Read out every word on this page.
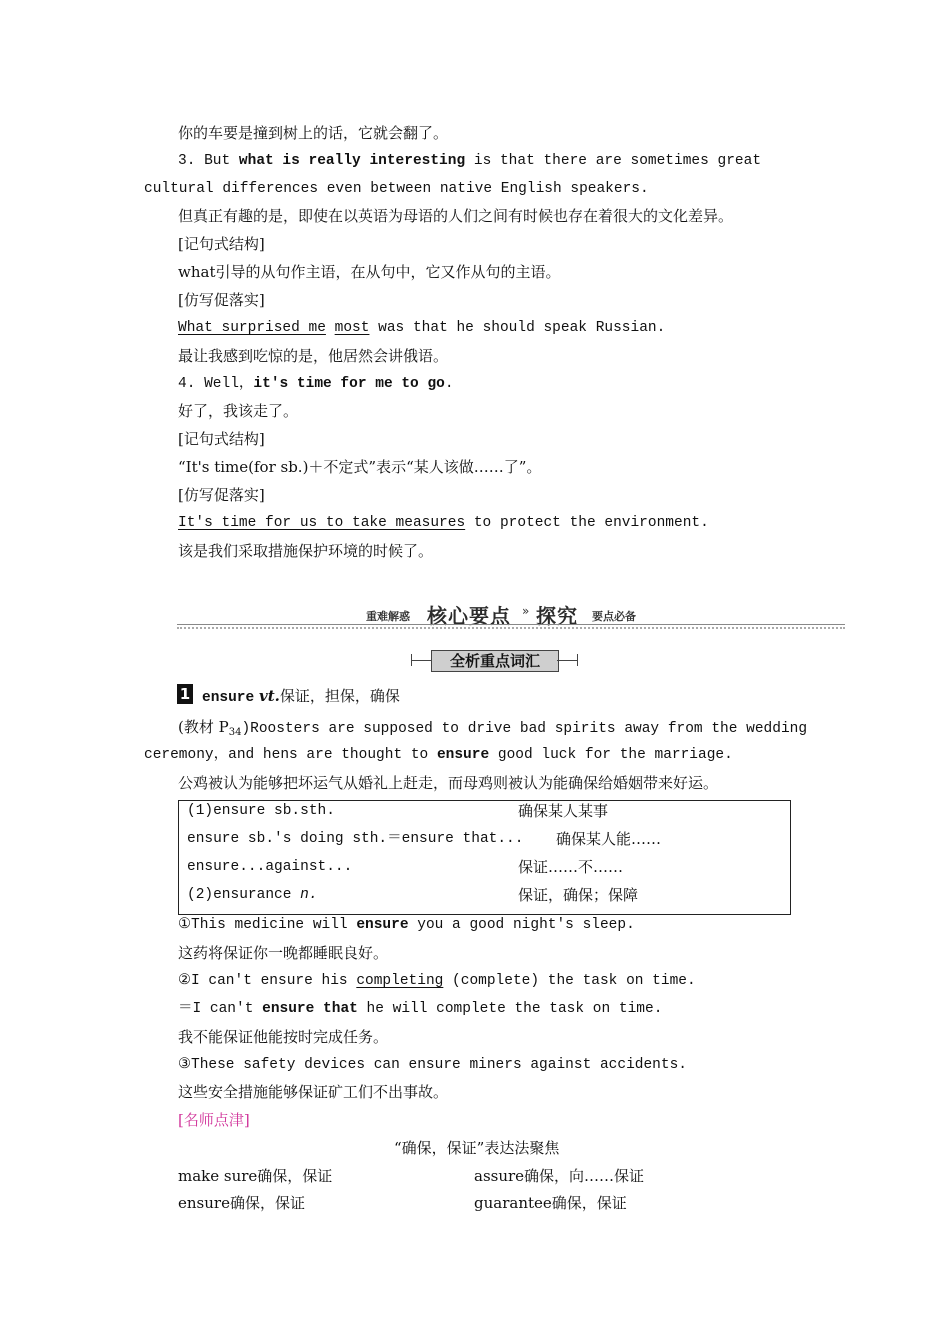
你的车要是撞到树上的话，它就会翻了。
3. But what is really interesting is that there are sometimes great
cultural differences even between native English speakers.
但真正有趣的是，即使在以英语为母语的人们之间有时候也存在着很大的文化差异。
[记句式结构]
what引导的从句作主语，在从句中，它又作从句的主语。
[仿写促落实]
What surprised me most was that he should speak Russian.
最让我感到吃惊的是，他居然会讲俄语。
4. Well，it's time for me to go.
好了，我该走了。
[记句式结构]
“It's time(for sb.)＋不定式”表示“某人该做……了”。
[仿写促落实]
It's time for us to take measures to protect the environment.
该是我们采取措施保护环境的时候了。
重难解惑 核心要点 » 探究 要点必备
全析重点词汇
1 ensure vt.保证，担保，确保
(教材 $P_{34})Roosters$ are supposed to drive bad spirits away from the wedding
ceremony，and hens are thought to ensure good luck for the marriage.
公鸡被认为能够把坏运气从婚礼上赶走，而母鸡则被认为能确保给婚姻带来好运。
(1)ensure sb.sth.	确保某人某事
ensure sb.'s doing sth.＝ensure that... 确保某人能……
ensure...against...	保证……不……
(2)ensurance n.	保证，确保；保障
①This medicine will ensure you a good night's sleep.
这药将保证你一晚都睡眠良好。
②I can't ensure his completing (complete) the task on time.
＝I can't ensure that he will complete the task on time.
我不能保证他能按时完成任务。
③These safety devices can ensure miners against accidents.
这些安全措施能够保证矿工们不出事故。
[名师点津]
“确保，保证”表达法聚焦
make sure确保，保证	assure确保，向……保证
ensure确保，保证	guarantee确保，保证
